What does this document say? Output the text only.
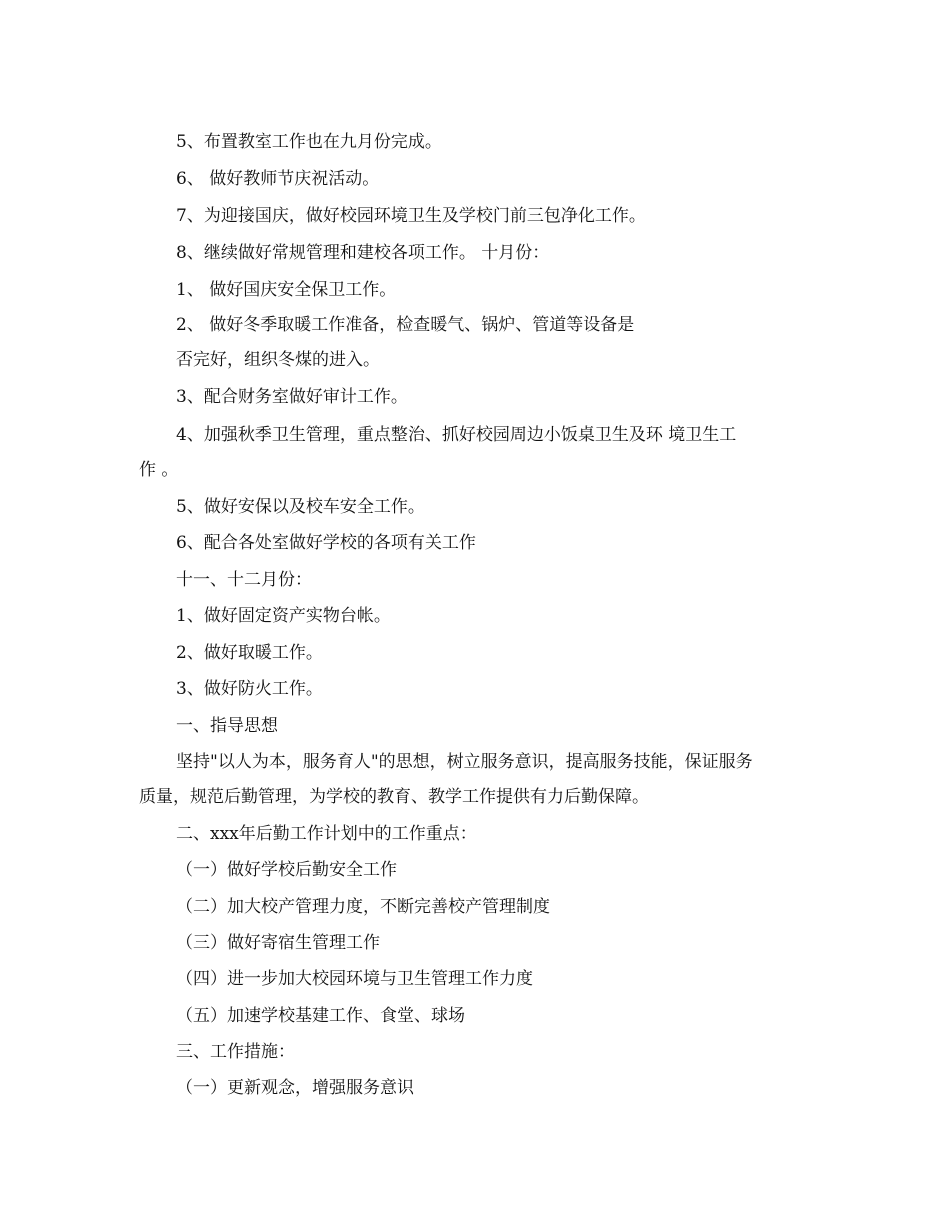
5、布置教室工作也在九月份完成。
6、 做好教师节庆祝活动。
7、为迎接国庆，做好校园环境卫生及学校门前三包净化工作。
8、继续做好常规管理和建校各项工作。 十月份：
1、 做好国庆安全保卫工作。
2、 做好冬季取暖工作准备，检查暖气、锅炉、管道等设备是
否完好，组织冬煤的进入。
3、配合财务室做好审计工作。
4、加强秋季卫生管理，重点整治、抓好校园周边小饭桌卫生及环 境卫生工
作 。
5、做好安保以及校车安全工作。
6、配合各处室做好学校的各项有关工作
十一、十二月份：
1、做好固定资产实物台帐。
2、做好取暖工作。
3、做好防火工作。
一、指导思想
坚持"以人为本，服务育人"的思想，树立服务意识，提高服务技能，保证服务
质量，规范后勤管理，为学校的教育、教学工作提供有力后勤保障。
二、xxx年后勤工作计划中的工作重点：
（一）做好学校后勤安全工作
（二）加大校产管理力度，不断完善校产管理制度
（三）做好寄宿生管理工作
（四）进一步加大校园环境与卫生管理工作力度
（五）加速学校基建工作、食堂、球场
三、工作措施：
（一）更新观念，增强服务意识
